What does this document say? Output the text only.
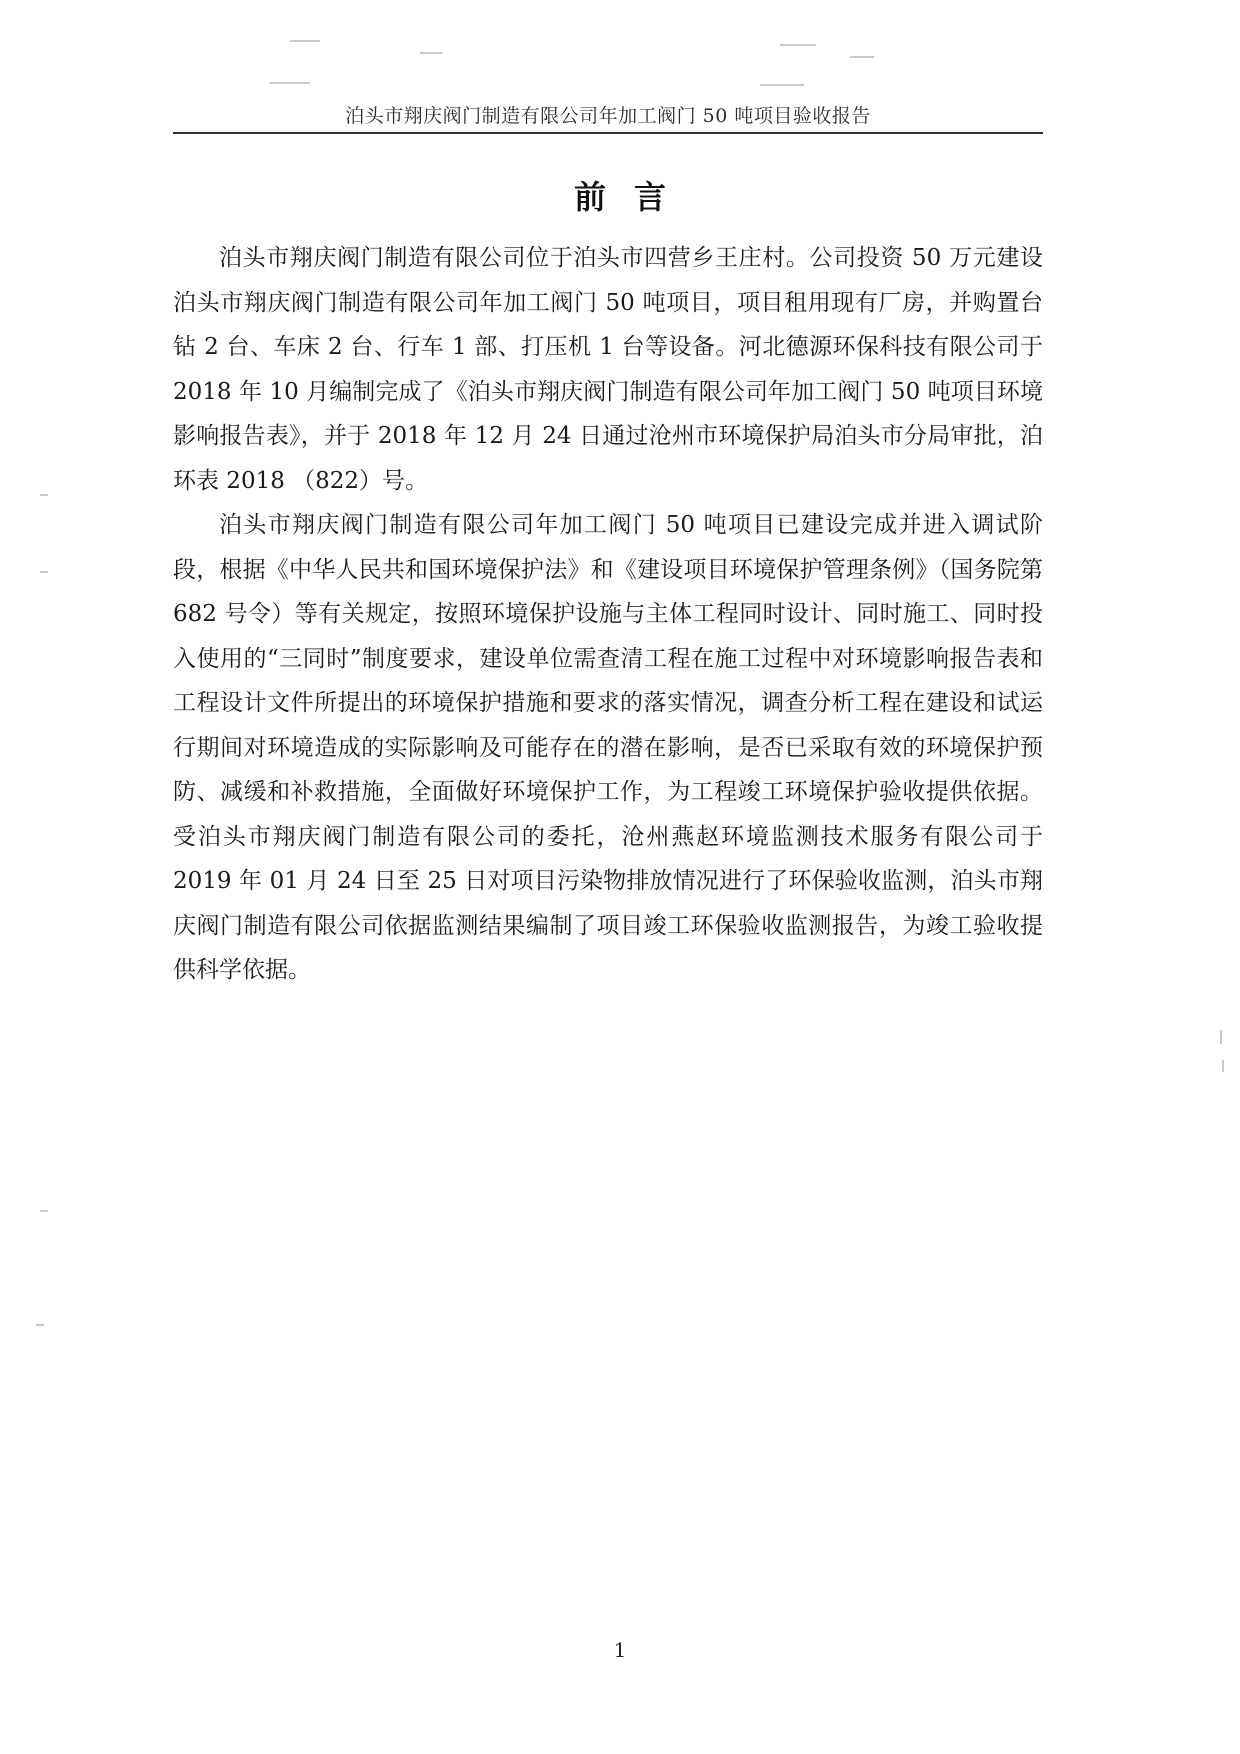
泊头市翔庆阀门制造有限公司年加工阀门 50 吨项目验收报告
前言

泊头市翔庆阀门制造有限公司位于泊头市四营乡王庄村。公司投资 50 万元建设泊头市翔庆阀门制造有限公司年加工阀门 50 吨项目，项目租用现有厂房，并购置台钻 2 台、车床 2 台、行车 1 部、打压机 1 台等设备。河北德源环保科技有限公司于 2018 年 10 月编制完成了《泊头市翔庆阀门制造有限公司年加工阀门 50 吨项目环境影响报告表》，并于 2018 年 12 月 24 日通过沧州市环境保护局泊头市分局审批，泊环表 2018 （822）号。

泊头市翔庆阀门制造有限公司年加工阀门 50 吨项目已建设完成并进入调试阶段，根据《中华人民共和国环境保护法》和《建设项目环境保护管理条例》（国务院第 682 号令）等有关规定，按照环境保护设施与主体工程同时设计、同时施工、同时投入使用的“三同时”制度要求，建设单位需查清工程在施工过程中对环境影响报告表和工程设计文件所提出的环境保护措施和要求的落实情况，调查分析工程在建设和试运行期间对环境造成的实际影响及可能存在的潜在影响，是否已采取有效的环境保护预防、减缓和补救措施，全面做好环境保护工作，为工程竣工环境保护验收提供依据。受泊头市翔庆阀门制造有限公司的委托，沧州燕赵环境监测技术服务有限公司于 2019 年 01 月 24 日至 25 日对项目污染物排放情况进行了环保验收监测，泊头市翔庆阀门制造有限公司依据监测结果编制了项目竣工环保验收监测报告，为竣工验收提供科学依据。

1
